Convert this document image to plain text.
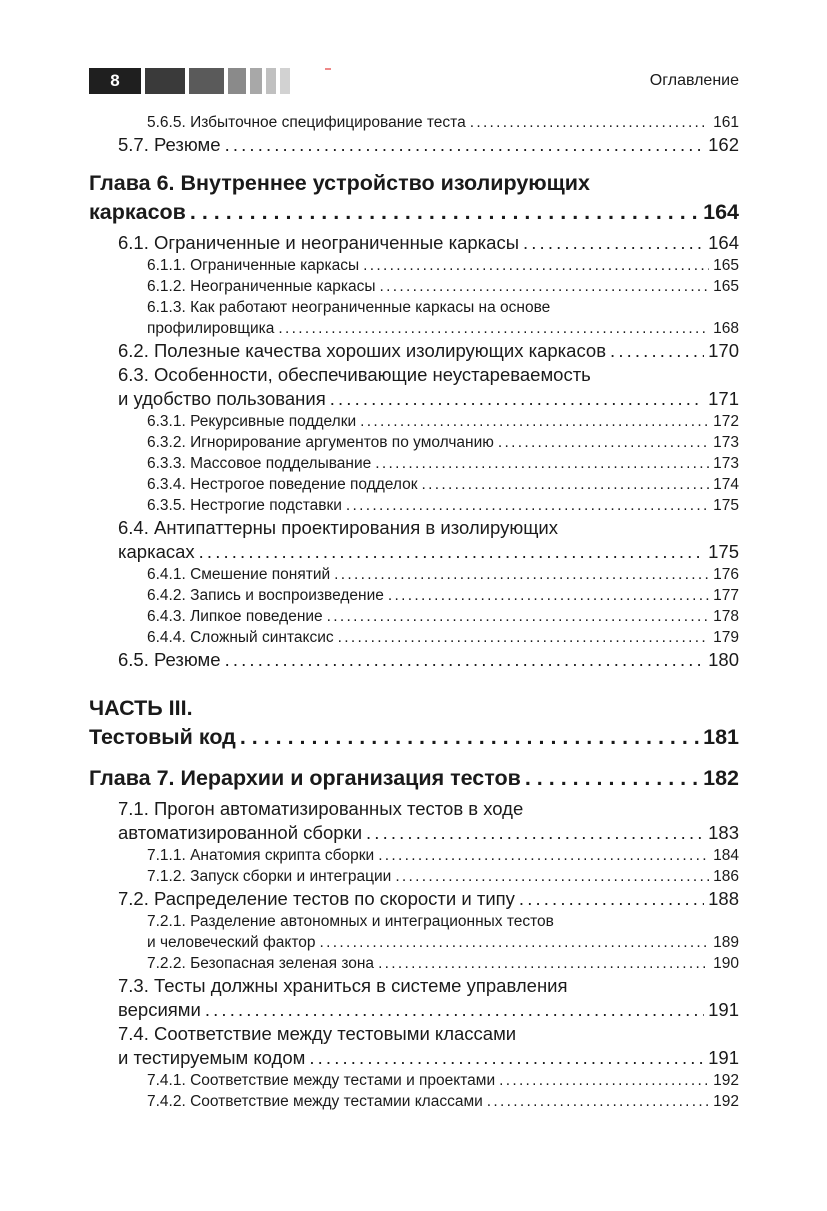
8	Оглавление
5.6.5. Избыточное специфицирование теста . . .	161
5.7. Резюме . . .	162
Глава 6. Внутреннее устройство изолирующих
каркасов . . .	164
6.1. Ограниченные и неограниченные каркасы . . .	164
6.1.1. Ограниченные каркасы . . .	165
6.1.2. Неограниченные каркасы . . .	165
6.1.3. Как работают неограниченные каркасы на основе
профилировщика . . .	168
6.2. Полезные качества хороших изолирующих каркасов . . .	170
6.3. Особенности, обеспечивающие неустареваемость
и удобство пользования . . .	171
6.3.1. Рекурсивные подделки . . .	172
6.3.2. Игнорирование аргументов по умолчанию . . .	173
6.3.3. Массовое подделывание . . .	173
6.3.4. Нестрогое поведение подделок . . .	174
6.3.5. Нестрогие подставки . . .	175
6.4. Антипаттерны проектирования в изолирующих
каркасах . . .	175
6.4.1. Смешение понятий . . .	176
6.4.2. Запись и воспроизведение . . .	177
6.4.3. Липкое поведение . . .	178
6.4.4. Сложный синтаксис . . .	179
6.5. Резюме . . .	180
ЧАСТЬ III.
Тестовый код . . .	181
Глава 7. Иерархии и организация тестов . . .	182
7.1. Прогон автоматизированных тестов в ходе
автоматизированной сборки . . .	183
7.1.1. Анатомия скрипта сборки . . .	184
7.1.2. Запуск сборки и интеграции . . .	186
7.2. Распределение тестов по скорости и типу . . .	188
7.2.1. Разделение автономных и интеграционных тестов
и человеческий фактор . . .	189
7.2.2. Безопасная зеленая зона . . .	190
7.3. Тесты должны храниться в системе управления
версиями . . .	191
7.4. Соответствие между тестовыми классами
и тестируемым кодом . . .	191
7.4.1. Соответствие между тестами и проектами . . .	192
7.4.2. Соответствие между тестамии классами . . .	192
